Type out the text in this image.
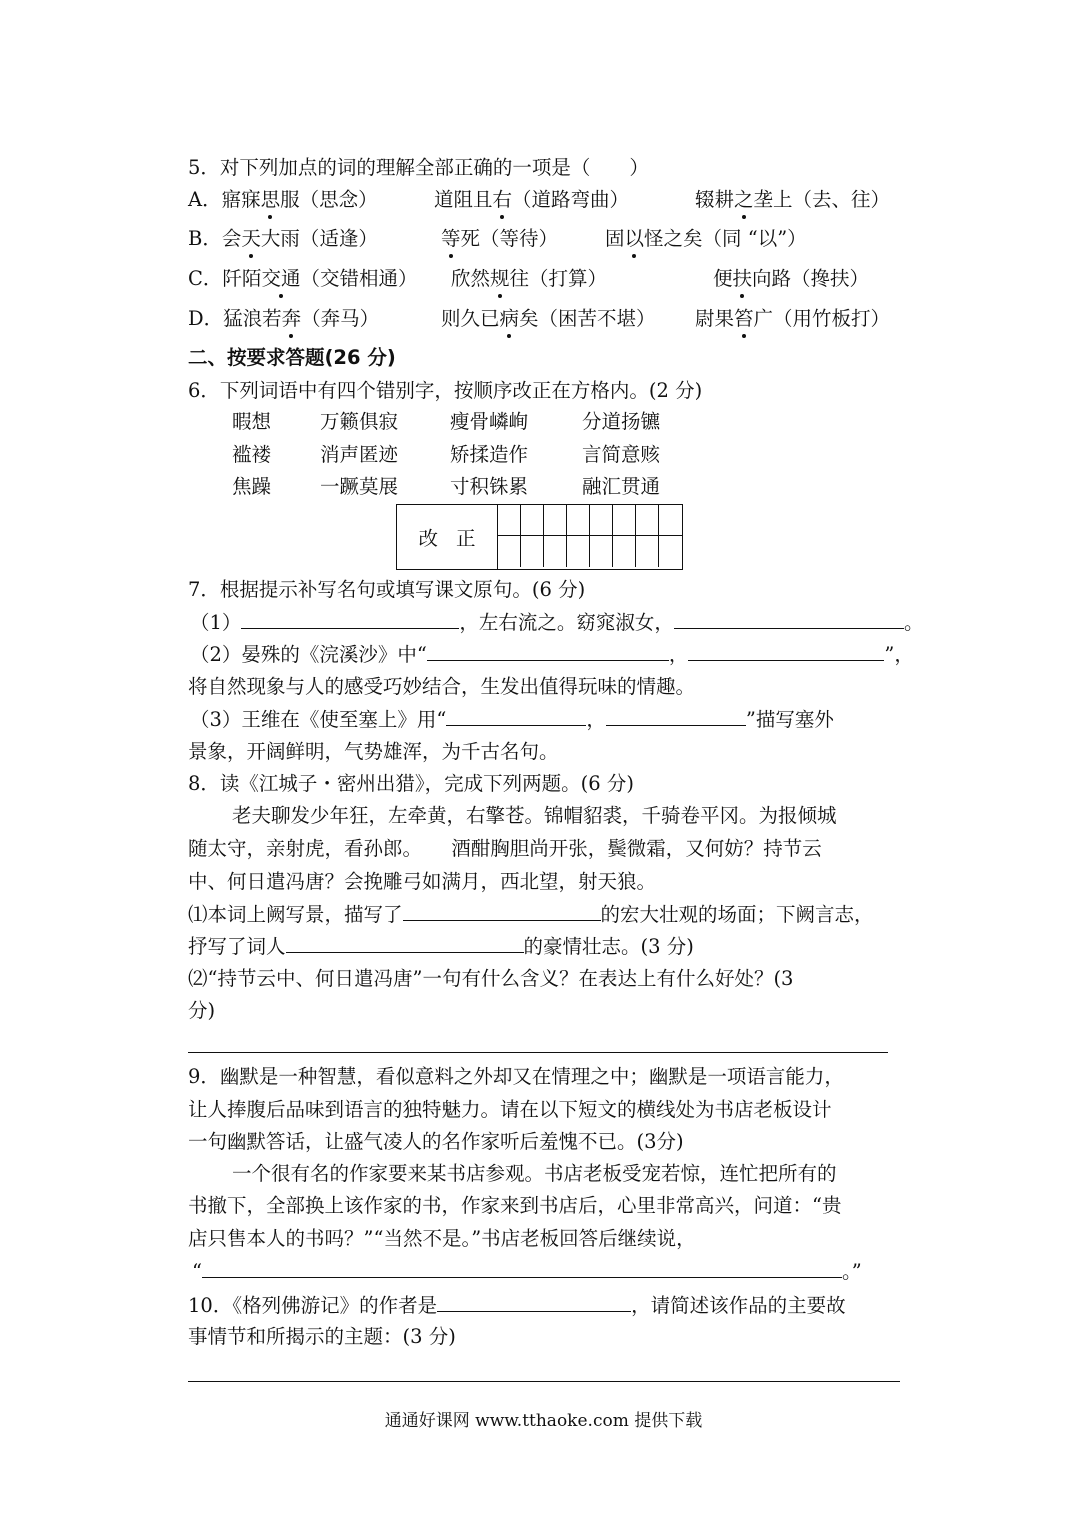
5．对下列加点的词的理解全部正确的一项是（　　）
A．寤寐思服（思念）	道阻且右（道路弯曲）	辍耕之垄上（去、往）
B．会天大雨（适逢）	等死（等待） 固以怪之矣（同 “以”）
C．阡陌交通（交错相通） 欣然规往（打算）	便扶向路（搀扶）
D．猛浪若奔（奔马）	则久已病矣（困苦不堪） 尉果笞广（用竹板打）
二、按要求答题(26 分)
6．下列词语中有四个错别字，按顺序改正在方格内。(2 分)
暇想	万籁俱寂	瘦骨嶙峋	分道扬镳
褴褛	消声匿迹	矫揉造作	言简意赅
焦躁	一蹶莫展	寸积铢累	融汇贯通
改正
7．根据提示补写名句或填写课文原句。(6 分)
（1）	，左右流之。窈窕淑女，	。
（2）晏殊的《浣溪沙》中“	，	”，
将自然现象与人的感受巧妙结合，生发出值得玩味的情趣。
（3）王维在《使至塞上》用“	，	”描写塞外
景象，开阔鲜明，气势雄浑，为千古名句。
8．读《江城子・密州出猎》，完成下列两题。(6 分)
老夫聊发少年狂，左牵黄，右擎苍。锦帽貂裘，千骑卷平冈。为报倾城
随太守，亲射虎，看孙郎。　　酒酣胸胆尚开张，鬓微霜，又何妨？持节云
中、何日遣冯唐？会挽雕弓如满月，西北望，射天狼。
⑴本词上阙写景，描写了	的宏大壮观的场面；下阙言志，
抒写了词人	的豪情壮志。(3 分)
⑵“持节云中、何日遣冯唐”一句有什么含义？在表达上有什么好处？(3
分)
9．幽默是一种智慧，看似意料之外却又在情理之中；幽默是一项语言能力，
让人捧腹后品味到语言的独特魅力。请在以下短文的横线处为书店老板设计
一句幽默答话，让盛气凌人的名作家听后羞愧不已。(3分)
一个很有名的作家要来某书店参观。书店老板受宠若惊，连忙把所有的
书撤下，全部换上该作家的书，作家来到书店后，心里非常高兴，问道：“贵
店只售本人的书吗？”“当然不是。”书店老板回答后继续说，
“	。”
10．《格列佛游记》的作者是	，请简述该作品的主要故
事情节和所揭示的主题：(3 分)
通通好课网 www.tthaoke.com 提供下载
